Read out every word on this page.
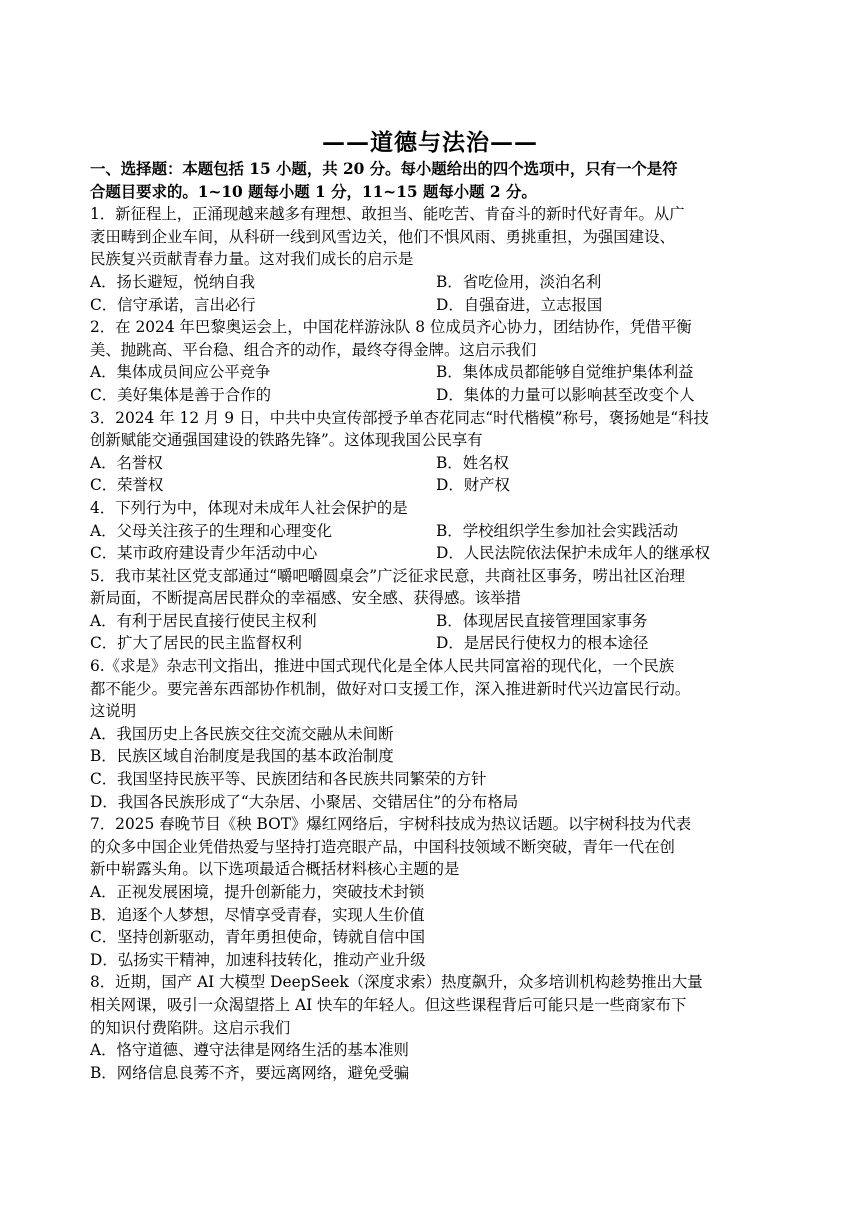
——道德与法治——
一、选择题：本题包括 15 小题，共 20 分。每小题给出的四个选项中，只有一个是符
合题目要求的。1~10 题每小题 1 分，11~15 题每小题 2 分。
1．新征程上，正涌现越来越多有理想、敢担当、能吃苦、肯奋斗的新时代好青年。从广
袤田畴到企业车间，从科研一线到风雪边关，他们不惧风雨、勇挑重担，为强国建设、
民族复兴贡献青春力量。这对我们成长的启示是
A．扬长避短，悦纳自我	B．省吃俭用，淡泊名利
C．信守承诺，言出必行	D．自强奋进，立志报国
2．在 2024 年巴黎奥运会上，中国花样游泳队 8 位成员齐心协力，团结协作，凭借平衡
美、抛跳高、平台稳、组合齐的动作，最终夺得金牌。这启示我们
A．集体成员间应公平竞争	B．集体成员都能够自觉维护集体利益
C．美好集体是善于合作的	D．集体的力量可以影响甚至改变个人
3．2024 年 12 月 9 日，中共中央宣传部授予单杏花同志“时代楷模”称号，褒扬她是“科技
创新赋能交通强国建设的铁路先锋”。这体现我国公民享有
A．名誉权	B．姓名权
C．荣誉权	D．财产权
4．下列行为中，体现对未成年人社会保护的是
A．父母关注孩子的生理和心理变化	B．学校组织学生参加社会实践活动
C．某市政府建设青少年活动中心	D．人民法院依法保护未成年人的继承权
5．我市某社区党支部通过“嚼吧嚼圆桌会”广泛征求民意，共商社区事务，唠出社区治理
新局面，不断提高居民群众的幸福感、安全感、获得感。该举措
A．有利于居民直接行使民主权利	B．体现居民直接管理国家事务
C．扩大了居民的民主监督权利	D．是居民行使权力的根本途径
6.《求是》杂志刊文指出，推进中国式现代化是全体人民共同富裕的现代化，一个民族
都不能少。要完善东西部协作机制，做好对口支援工作，深入推进新时代兴边富民行动。
这说明
A．我国历史上各民族交往交流交融从未间断
B．民族区域自治制度是我国的基本政治制度
C．我国坚持民族平等、民族团结和各民族共同繁荣的方针
D．我国各民族形成了“大杂居、小聚居、交错居住”的分布格局
7．2025 春晚节目《秧 BOT》爆红网络后，宇树科技成为热议话题。以宇树科技为代表
的众多中国企业凭借热爱与坚持打造亮眼产品，中国科技领域不断突破，青年一代在创
新中崭露头角。以下选项最适合概括材料核心主题的是
A．正视发展困境，提升创新能力，突破技术封锁
B．追逐个人梦想，尽情享受青春，实现人生价值
C．坚持创新驱动，青年勇担使命，铸就自信中国
D．弘扬实干精神，加速科技转化，推动产业升级
8．近期，国产 AI 大模型 DeepSeek（深度求索）热度飙升，众多培训机构趁势推出大量
相关网课，吸引一众渴望搭上 AI 快车的年轻人。但这些课程背后可能只是一些商家布下
的知识付费陷阱。这启示我们
A．恪守道德、遵守法律是网络生活的基本准则
B．网络信息良莠不齐，要远离网络，避免受骗
